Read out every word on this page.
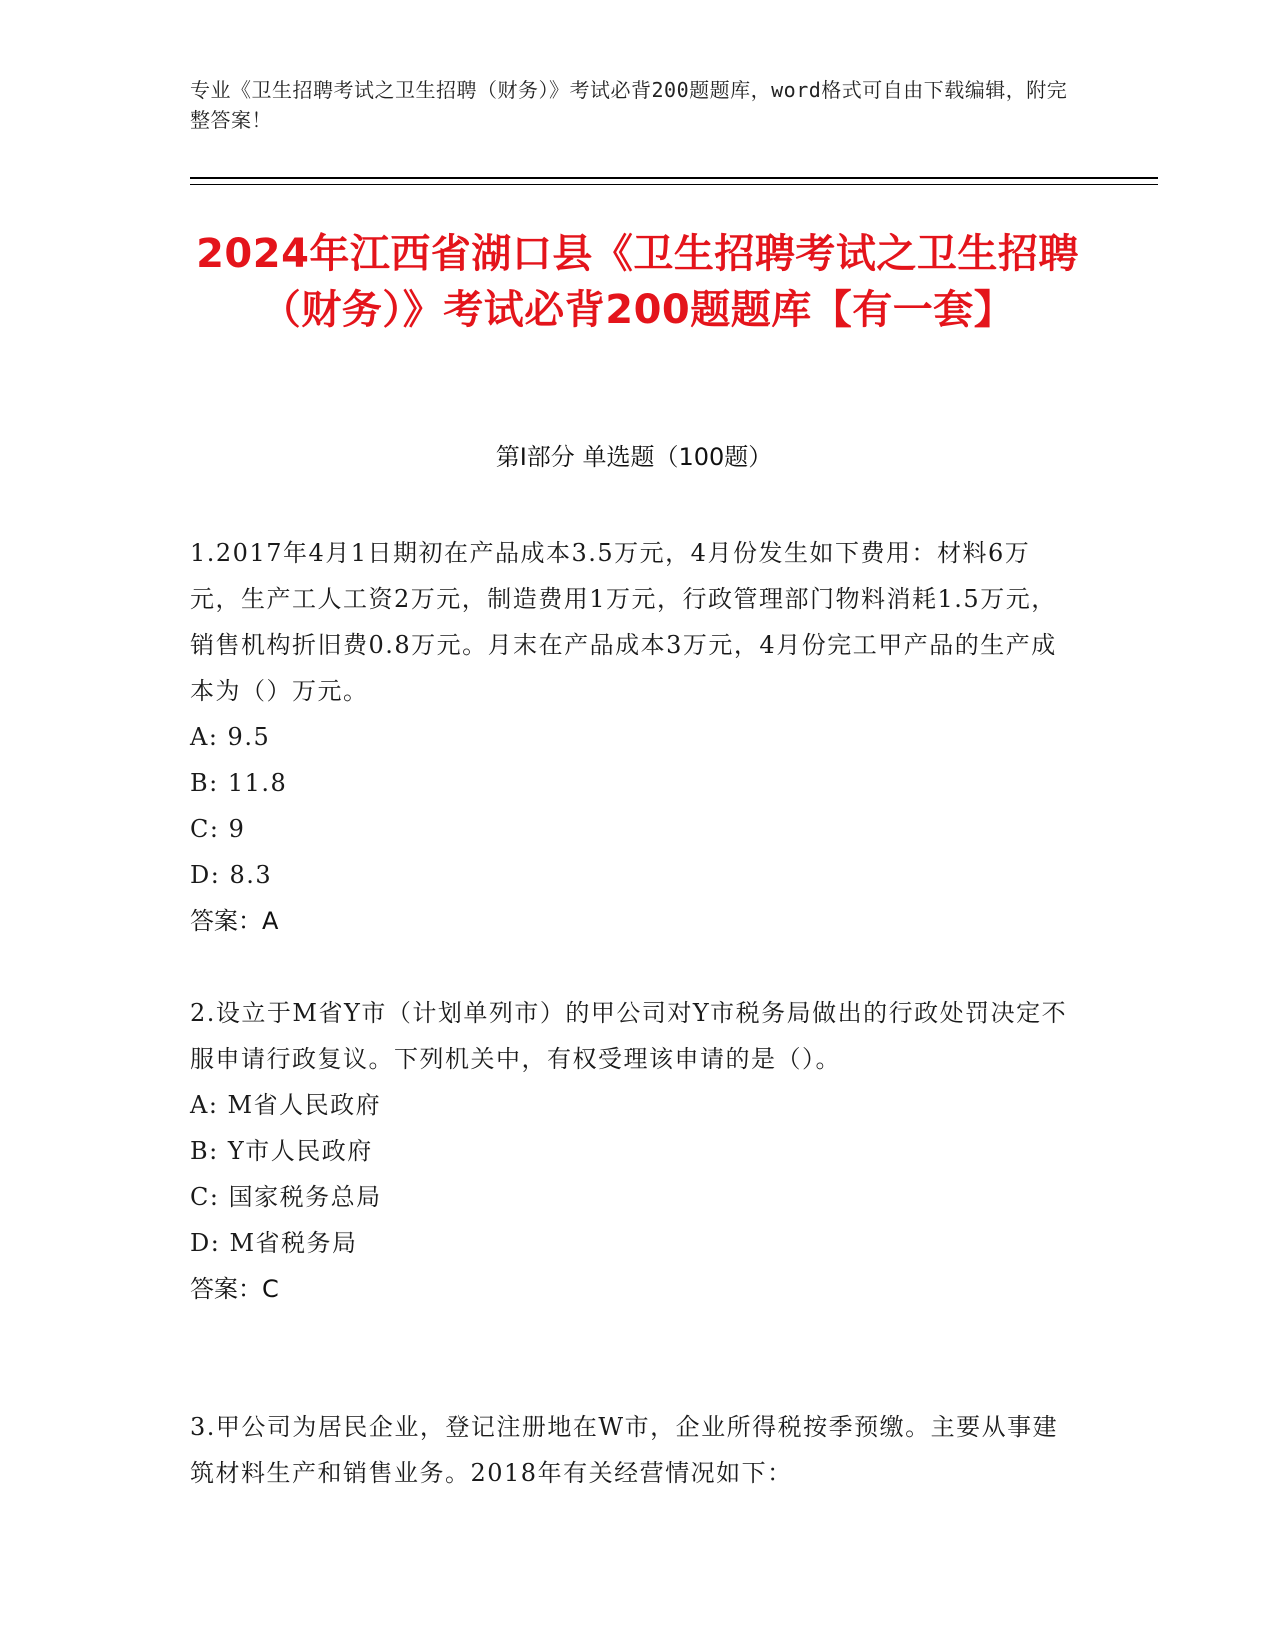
专业《卫生招聘考试之卫生招聘（财务）》考试必背200题题库，word格式可自由下载编辑，附完整答案！
2024年江西省湖口县《卫生招聘考试之卫生招聘（财务）》考试必背200题题库【有一套】
第I部分 单选题（100题）
1.2017年4月1日期初在产品成本3.5万元，4月份发生如下费用：材料6万元，生产工人工资2万元，制造费用1万元，行政管理部门物料消耗1.5万元，销售机构折旧费0.8万元。月末在产品成本3万元，4月份完工甲产品的生产成本为（）万元。
A: 9.5
B: 11.8
C: 9
D: 8.3
答案：A
2.设立于M省Y市（计划单列市）的甲公司对Y市税务局做出的行政处罚决定不服申请行政复议。下列机关中，有权受理该申请的是（）。
A: M省人民政府
B: Y市人民政府
C: 国家税务总局
D: M省税务局
答案：C
3.甲公司为居民企业，登记注册地在W市，企业所得税按季预缴。主要从事建筑材料生产和销售业务。2018年有关经营情况如下：
